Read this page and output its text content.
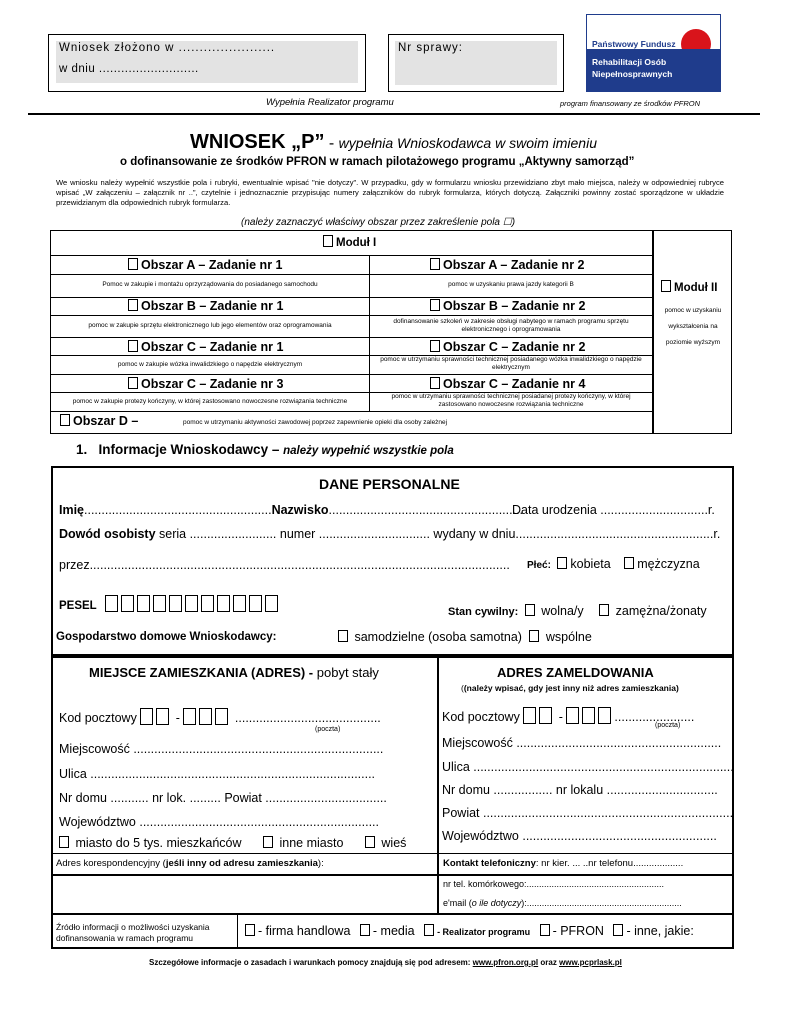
Wniosek złożono w .......................
w dniu ...........................
Nr sprawy:	Państwowy Fundusz
Rehabilitacji Osób
Niepełnosprawnych
Wypełnia Realizator programu	program finansowany ze środków PFRON
WNIOSEK „P” - wypełnia Wnioskodawca w swoim imieniu
o dofinansowanie ze środków PFRON w ramach pilotażowego programu „Aktywny samorząd”
We wniosku należy wypełnić wszystkie pola i rubryki, ewentualnie wpisać "nie dotyczy". W przypadku, gdy w formularzu wniosku przewidziano zbyt mało miejsca, należy w odpowiedniej rubryce wpisać „W załączeniu – załącznik nr ..”, czytelnie i jednoznacznie przypisując numery załączników do rubryk formularza, których dotyczą. Załączniki powinny zostać sporządzone w układzie przewidzianym dla odpowiednich rubryk formularza.
(należy zaznaczyć właściwy obszar przez zakreślenie pola ☐)
Moduł I
Obszar A – Zadanie nr 1	Obszar A – Zadanie nr 2
Pomoc w zakupie i montażu oprzyrządowania do posiadanego samochodu	pomoc w uzyskaniu prawa jazdy kategorii B
Obszar B – Zadanie nr 1	Obszar B – Zadanie nr 2
pomoc w zakupie sprzętu elektronicznego lub jego elementów oraz oprogramowania
dofinansowanie szkoleń w zakresie obsługi nabytego w ramach programu sprzętu elektronicznego i oprogramowania
Obszar C – Zadanie nr 1	Obszar C – Zadanie nr 2
pomoc w zakupie wózka inwalidzkiego o napędzie elektrycznym
pomoc w utrzymaniu sprawności technicznej posiadanego wózka inwalidzkiego o napędzie elektrycznym
Obszar C – Zadanie nr 3	Obszar C – Zadanie nr 4
pomoc w zakupie protezy kończyny, w której zastosowano nowoczesne rozwiązania techniczne
pomoc w utrzymaniu sprawności technicznej posiadanej protezy kończyny, w której zastosowano nowoczesne rozwiązania techniczne
Obszar D –	pomoc w utrzymaniu aktywności zawodowej poprzez zapewnienie opieki dla osoby zależnej
Moduł II
pomoc w uzyskaniu
wykształcenia na
poziomie wyższym
1. Informacje Wnioskodawcy – należy wypełnić wszystkie pola
DANE PERSONALNE
Imię......................................................Nazwisko........................................................
Data urodzenia ...............................r.
Dowód osobisty seria ......................... numer ................................ wydany w dniu.........................................................r.
przez.........................................................................................................................	Płeć: kobieta mężczyzna
PESEL	Stan cywilny: wolna/y	zamężna/żonaty
Gospodarstwo domowe Wnioskodawcy:	samodzielne (osoba samotna) wspólne
MIEJSCE ZAMIESZKANIA (ADRES) - pobyt stały
Kod pocztowy	-	..........................................
(poczta)
Miejscowość ........................................................................
Ulica ..................................................................................
Nr domu ........... nr lok. ......... Powiat ...................................
Województwo .....................................................................
miasto do 5 tys. mieszkańców	inne miasto	wieś
Adres korespondencyjny (jeśli inny od adresu zamieszkania):
ADRES ZAMELDOWANIA
((należy wpisać, gdy jest inny niż adres zamieszkania)
Kod pocztowy	-	.......................
(poczta)
Miejscowość ...........................................................
Ulica ...........................................................................
Nr domu ................. nr lokalu ................................
Powiat ........................................................................
Województwo ........................................................
Kontakt telefoniczny: nr kier. ... ..nr telefonu...................
nr tel. komórkowego:.......................................................
e'mail (o ile dotyczy):..............................................................
Źródło informacji o możliwości uzyskania
dofinansowania w ramach programu	- firma handlowa - media - Realizator programu - PFRON - inne, jakie:
Szczegółowe informacje o zasadach i warunkach pomocy znajdują się pod adresem: www.pfron.org.pl oraz www.pcprlask.pl
